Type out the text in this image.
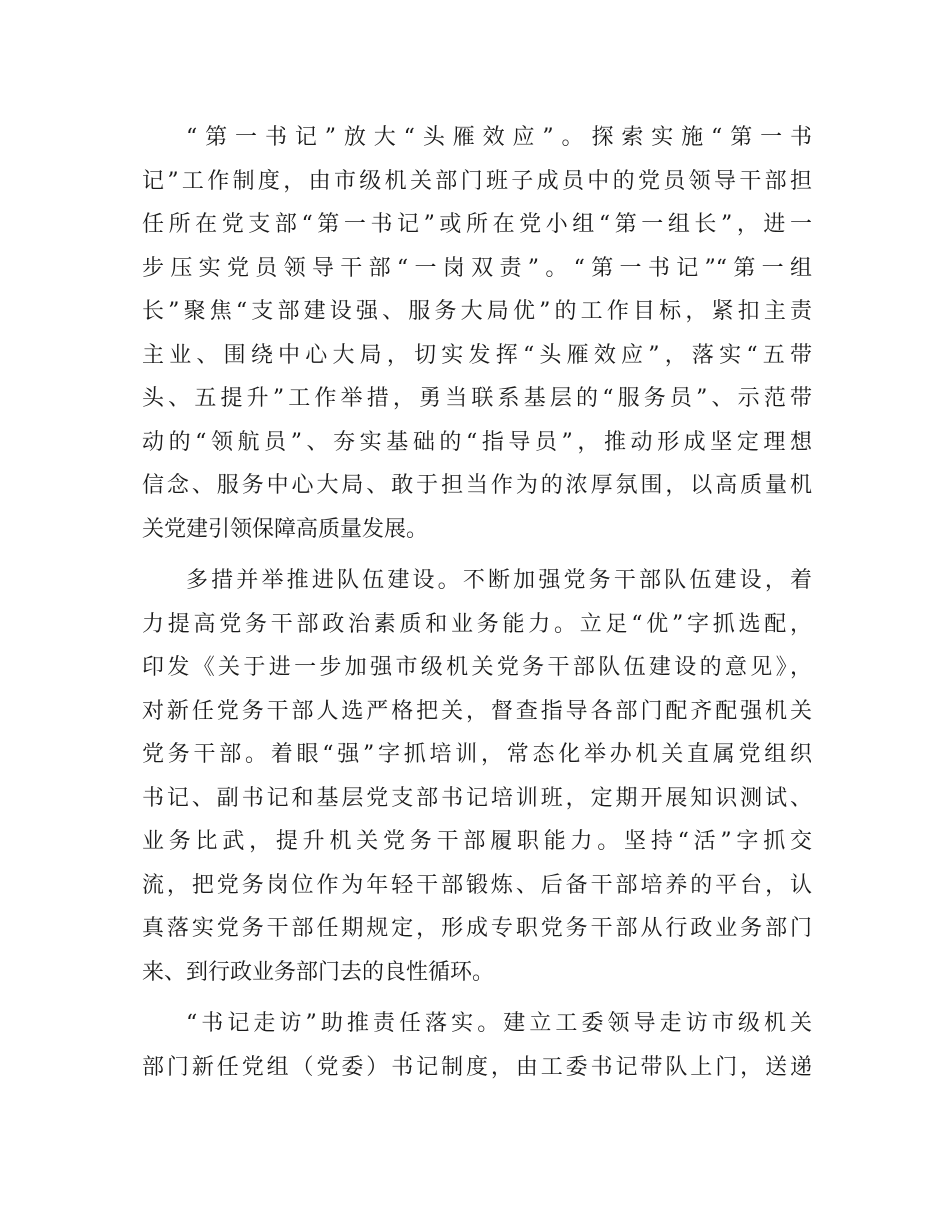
“第一书记”放大“头雁效应”。探索实施“第一书
记”工作制度，由市级机关部门班子成员中的党员领导干部担
任所在党支部“第一书记”或所在党小组“第一组长”，进一
步压实党员领导干部“一岗双责”。“第一书记”“第一组
长”聚焦“支部建设强、服务大局优”的工作目标，紧扣主责
主业、围绕中心大局，切实发挥“头雁效应”，落实“五带
头、五提升”工作举措，勇当联系基层的“服务员”、示范带
动的“领航员”、夯实基础的“指导员”，推动形成坚定理想
信念、服务中心大局、敢于担当作为的浓厚氛围，以高质量机
关党建引领保障高质量发展。
多措并举推进队伍建设。不断加强党务干部队伍建设，着
力提高党务干部政治素质和业务能力。立足“优”字抓选配，
印发《关于进一步加强市级机关党务干部队伍建设的意见》，
对新任党务干部人选严格把关，督查指导各部门配齐配强机关
党务干部。着眼“强”字抓培训，常态化举办机关直属党组织
书记、副书记和基层党支部书记培训班，定期开展知识测试、
业务比武，提升机关党务干部履职能力。坚持“活”字抓交
流，把党务岗位作为年轻干部锻炼、后备干部培养的平台，认
真落实党务干部任期规定，形成专职党务干部从行政业务部门
来、到行政业务部门去的良性循环。
“书记走访”助推责任落实。建立工委领导走访市级机关
部门新任党组（党委）书记制度，由工委书记带队上门，送递
